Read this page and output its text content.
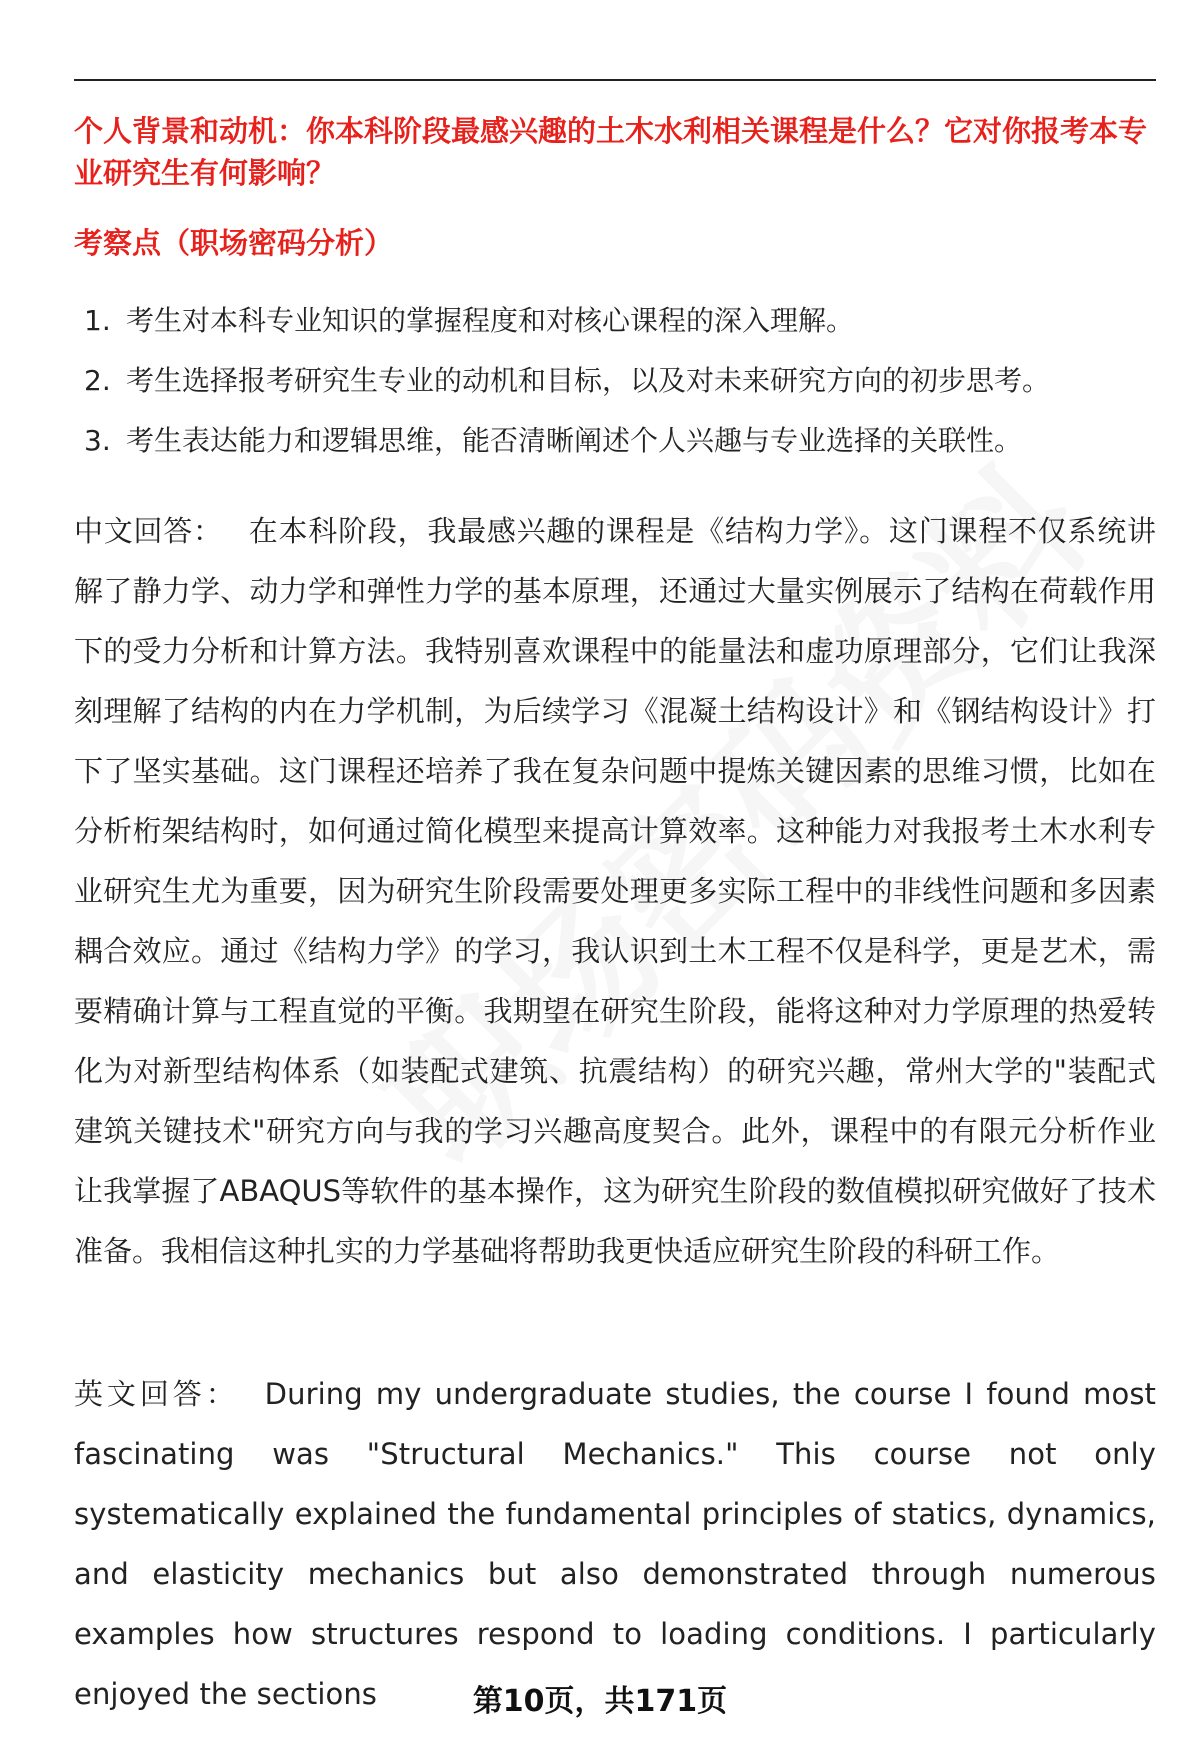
个人背景和动机：你本科阶段最感兴趣的土木水利相关课程是什么？它对你报考本专业研究生有何影响？
考察点（职场密码分析）
1. 考生对本科专业知识的掌握程度和对核心课程的深入理解。
2. 考生选择报考研究生专业的动机和目标，以及对未来研究方向的初步思考。
3. 考生表达能力和逻辑思维，能否清晰阐述个人兴趣与专业选择的关联性。

中文回答： 在本科阶段，我最感兴趣的课程是《结构力学》。这门课程不仅系统讲解了静力学、动力学和弹性力学的基本原理，还通过大量实例展示了结构在荷载作用下的受力分析和计算方法。我特别喜欢课程中的能量法和虚功原理部分，它们让我深刻理解了结构的内在力学机制，为后续学习《混凝土结构设计》和《钢结构设计》打下了坚实基础。这门课程还培养了我在复杂问题中提炼关键因素的思维习惯，比如在分析桁架结构时，如何通过简化模型来提高计算效率。这种能力对我报考土木水利专业研究生尤为重要，因为研究生阶段需要处理更多实际工程中的非线性问题和多因素耦合效应。通过《结构力学》的学习，我认识到土木工程不仅是科学，更是艺术，需要精确计算与工程直觉的平衡。我期望在研究生阶段，能将这种对力学原理的热爱转化为对新型结构体系（如装配式建筑、抗震结构）的研究兴趣，常州大学的"装配式建筑关键技术"研究方向与我的学习兴趣高度契合。此外，课程中的有限元分析作业让我掌握了ABAQUS等软件的基本操作，这为研究生阶段的数值模拟研究做好了技术准备。我相信这种扎实的力学基础将帮助我更快适应研究生阶段的科研工作。

英文回答： During my undergraduate studies, the course I found most fascinating was "Structural Mechanics." This course not only systematically explained the fundamental principles of statics, dynamics, and elasticity mechanics but also demonstrated through numerous examples how structures respond to loading conditions. I particularly enjoyed the sections	第10页，共171页
